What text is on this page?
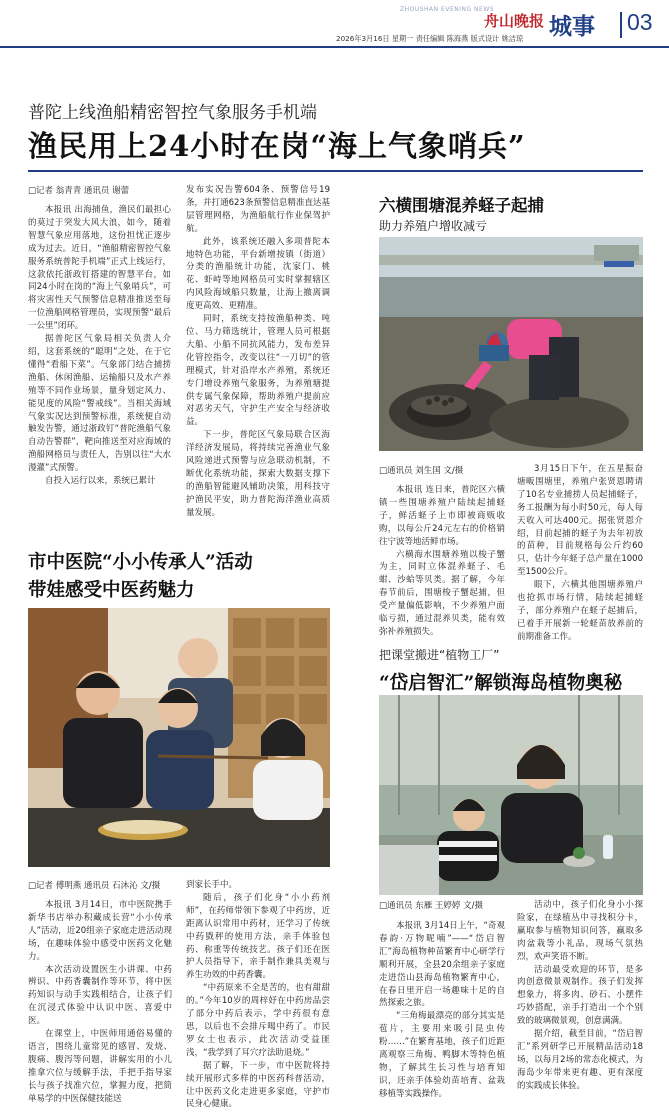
ZHOUSHAN EVENING NEWS
舟山晚报 城事 03
2026年3月16日 星期一 责任编辑 陈海燕 版式设计 姚洁琼
普陀上线渔船精密智控气象服务手机端
渔民用上24小时在岗“海上气象哨兵”
□记者 翁青青 通讯员 谢蕾

本报讯 出海捕鱼，渔民们最担心的莫过于突发大风大浪，如今，随着智慧气象应用落地，这份担忧正逐步成为过去。近日，“渔船精密智控气象服务系统普陀手机端”正式上线运行，这款依托浙政钉搭建的智慧平台，如同24小时在岗的“海上气象哨兵”，可将灾害性天气预警信息精准推送至每一位渔船网格管理员，实现预警“最后一公里”闭环。

据普陀区气象局相关负责人介绍，这套系统的“聪明”之处，在于它懂得“看船下菜”。气象部门结合捕捞渔船、休闲渔船、运输船只及水产养殖等不同作业场景，量身划定风力、能见度的风险“警戒线”。当相关海域气象实况达到预警标准，系统便自动触发告警，通过浙政钉“普陀渔船气象自动告警群”，靶向推送至对应海域的渔船网格员与责任人，告别以往“大水漫灌”式预警。

自投入运行以来，系统已累计

发布实况告警604条、预警信号19条，并打通623条预警信息精准直达基层管理网格，为渔船航行作业保驾护航。

此外，该系统还融入多项普陀本地特色功能，平台新增按镇（街道）分类的渔船统计功能，沈家门、桃花、虾峙等地网格员可实时掌握辖区内风险海域船只数量，让海上撤离调度更高效、更精准。

同时，系统支持按渔船种类、吨位、马力筛选统计，管理人员可根据大船、小船不同抗风能力，发布差异化管控指令，改变以往“一刀切”的管理模式，针对沿岸水产养殖，系统还专门增设养殖气象服务，为养殖塘提供专属气象保障，帮助养殖户提前应对恶劣天气，守护生产安全与经济收益。

下一步，普陀区气象局联合区海洋经济发展局，将持续完善渔业气象风险递进式预警与应急联动机制，不断优化系统功能，探索大数据支撑下的渔船智能避风辅助决策，用科技守护渔民平安，助力普陀海洋渔业高质量发展。

六横围塘混养蛏子起捕
助力养殖户增收减亏
□通讯员 刘生国 文/摄

本报讯 连日来，普陀区六横镇一些围塘养殖户陆续起捕蛏子，鲜活蛏子上市即被商贩收购，以每公斤24元左右的价格销往宁波等地活鲜市场。

六横海水围塘养殖以梭子蟹为主，同时立体混养蛏子、毛蚶、沙蛤等贝类。据了解，今年春节前后，围塘梭子蟹起捕，但受产量偏低影响，不少养殖户面临亏损，通过混养贝类，能有效弥补养殖损失。

3月15日下午，在五星振奋塘畈围塘里，养殖户张贤恩聘请了10名专业捕捞人员起捕蛏子，务工报酬为每小时50元，每人每天收入可达400元。据张贤恩介绍，目前起捕的蛏子为去年初放的苗种，目前规格每公斤约60只，估计今年蛏子总产量在1000至1500公斤。

眼下，六横其他围塘养殖户也抢抓市场行情，陆续起捕蛏子，部分养殖户在蛏子起捕后，已着手开展新一轮蛏苗放养前的前期准备工作。

市中医院“小小传承人”活动
带娃感受中医药魅力
□记者 傅明燕 通讯员 石沐沁 文/摄

本报讯 3月14日，市中医院携手新华书店举办积藏成长营“小小传承人”活动，近20组亲子家庭走进活动现场，在趣味体验中感受中医药文化魅力。

本次活动设置医生小讲课、中药辨识、中药香囊制作等环节，将中医药知识与动手实践相结合，让孩子们在沉浸式体验中认识中医、喜爱中医。

在课堂上，中医师用通俗易懂的语言，围绕儿童常见的感冒、发烧、腹痛、腹泻等问题，讲解实用的小儿推拿穴位与缓解手法，手把手指导家长与孩子找准穴位，掌握力度，把简单易学的中医保健技能送

到家长手中。

随后，孩子们化身“小小药剂师”，在药师带领下参观了中药房，近距离认识常用中药材，还学习了传统中药戥秤的使用方法，亲手体验包药、称重等传统技艺。孩子们还在医护人员指导下，亲手制作兼具美观与养生功效的中药香囊。

“中药原来不全是苦的，也有甜甜的。”今年10岁的周梓妤在中药房品尝了部分中药后表示，学中药很有意思，以后也不会排斥喝中药了。市民罗女士也表示，此次活动受益匪浅，“我学到了耳穴疗法助退烧。”

据了解，下一步，市中医院将持续开展形式多样的中医药科普活动，让中医药文化走进更多家庭，守护市民身心健康。

把课堂搬进“植物工厂”
“岱启智汇”解锁海岛植物奥秘
□通讯员 东雁 王婷婷 文/摄

本报讯 3月14日上午，“奇观春韵·万物昵喃”——“岱启智汇”海岛植物种苗繁育中心研学行顺利开展，全县20余组亲子家庭走进岱山县海岛植物繁育中心，在春日里开启一场趣味十足的自然探索之旅。

“三角梅最漂亮的部分其实是苞片，主要用来吸引昆虫传粉……”在繁育基地，孩子们近距离观察三角梅、鸭脚木等特色植物，了解其生长习性与培育知识，还亲手体验幼苗培育、盆栽移植等实践操作。

活动中，孩子们化身小小探险家，在绿植丛中寻找积分卡，赢取参与植物知识问答，赢取多肉盆栽等小礼品，现场气氛热烈，欢声笑语不断。

活动最受欢迎的环节，是多肉创意微景观制作。孩子们发挥想象力，将多肉、砂石、小摆件巧妙搭配，亲手打造出一个个别致的玻璃微景观，创意满满。

据介绍，截至目前，“岱启智汇”系列研学已开展精品活动18场，以每月2场的常态化模式，为海岛少年带来更有趣、更有深度的实践成长体验。
